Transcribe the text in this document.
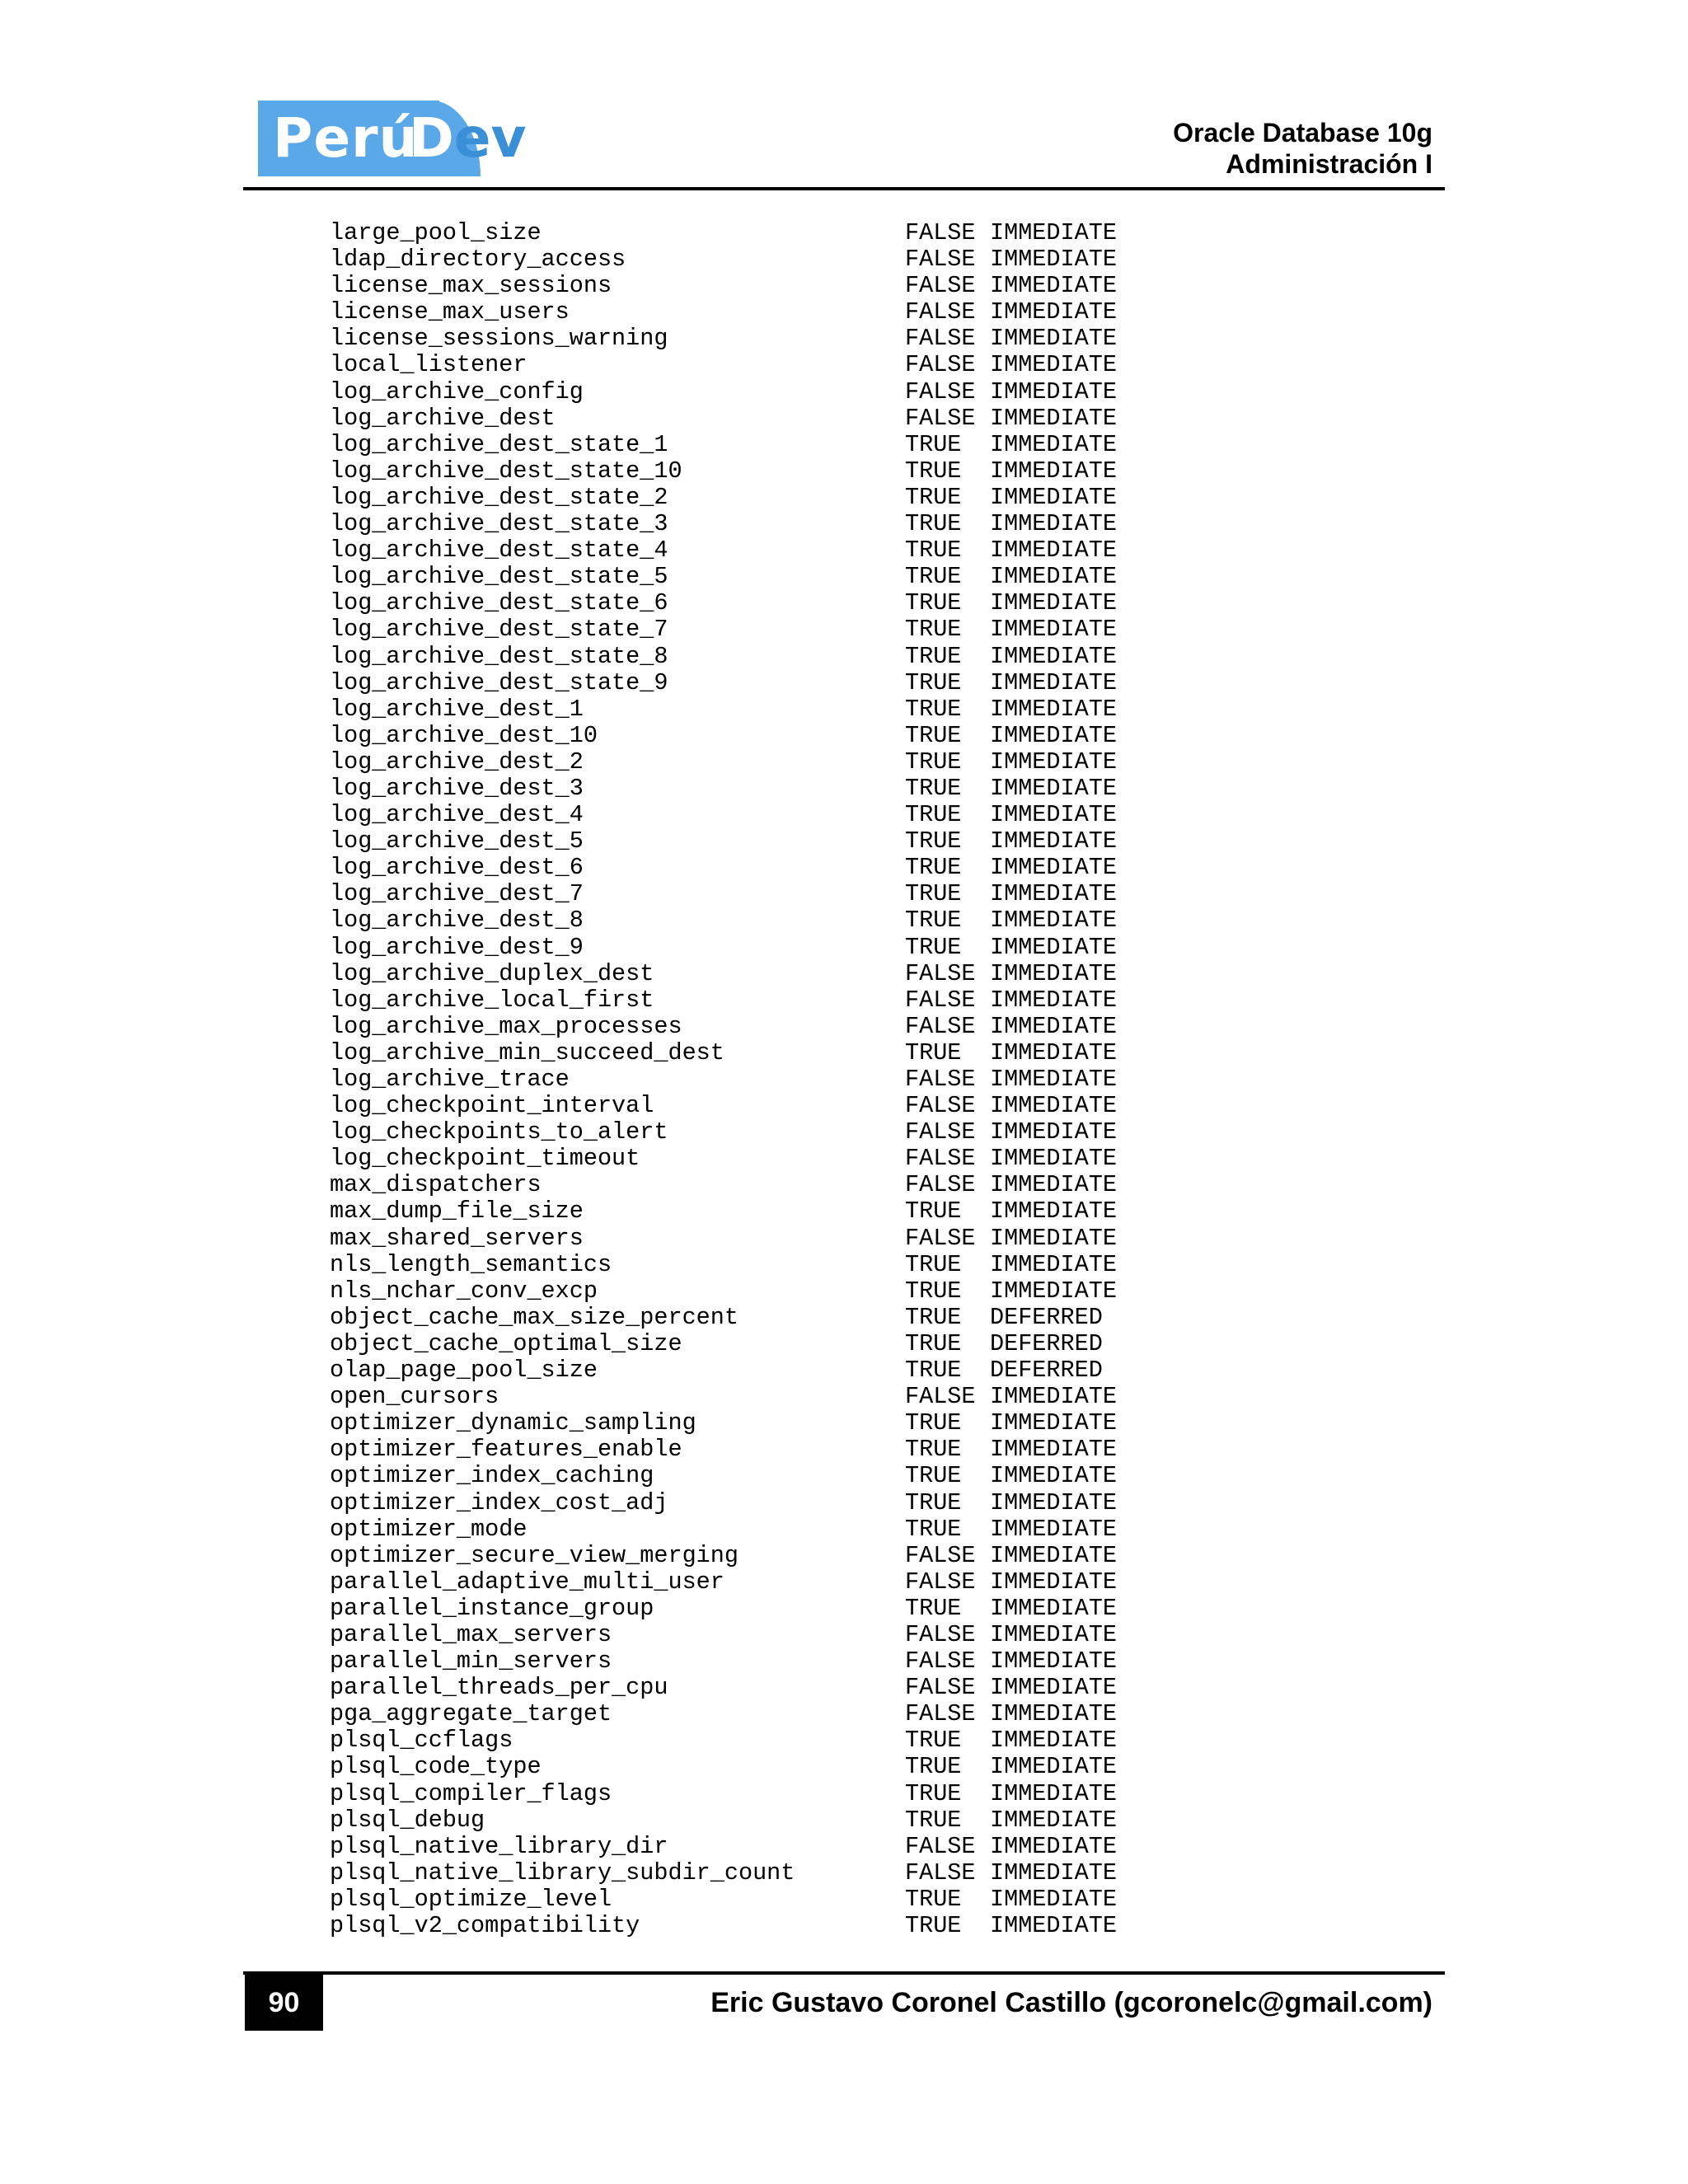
Perú
Dev	Oracle Database 10g
Administración I
large_pool_size	FALSE IMMEDIATE
ldap_directory_access	FALSE IMMEDIATE
license_max_sessions	FALSE IMMEDIATE
license_max_users	FALSE IMMEDIATE
license_sessions_warning	FALSE IMMEDIATE
local_listener	FALSE IMMEDIATE
log_archive_config	FALSE IMMEDIATE
log_archive_dest	FALSE IMMEDIATE
log_archive_dest_state_1	TRUE IMMEDIATE
log_archive_dest_state_10	TRUE IMMEDIATE
log_archive_dest_state_2	TRUE IMMEDIATE
log_archive_dest_state_3	TRUE IMMEDIATE
log_archive_dest_state_4	TRUE IMMEDIATE
log_archive_dest_state_5	TRUE IMMEDIATE
log_archive_dest_state_6	TRUE IMMEDIATE
log_archive_dest_state_7	TRUE IMMEDIATE
log_archive_dest_state_8	TRUE IMMEDIATE
log_archive_dest_state_9	TRUE IMMEDIATE
log_archive_dest_1	TRUE IMMEDIATE
log_archive_dest_10	TRUE IMMEDIATE
log_archive_dest_2	TRUE IMMEDIATE
log_archive_dest_3	TRUE IMMEDIATE
log_archive_dest_4	TRUE IMMEDIATE
log_archive_dest_5	TRUE IMMEDIATE
log_archive_dest_6	TRUE IMMEDIATE
log_archive_dest_7	TRUE IMMEDIATE
log_archive_dest_8	TRUE IMMEDIATE
log_archive_dest_9	TRUE IMMEDIATE
log_archive_duplex_dest	FALSE IMMEDIATE
log_archive_local_first	FALSE IMMEDIATE
log_archive_max_processes	FALSE IMMEDIATE
log_archive_min_succeed_dest	TRUE IMMEDIATE
log_archive_trace	FALSE IMMEDIATE
log_checkpoint_interval	FALSE IMMEDIATE
log_checkpoints_to_alert	FALSE IMMEDIATE
log_checkpoint_timeout	FALSE IMMEDIATE
max_dispatchers	FALSE IMMEDIATE
max_dump_file_size	TRUE IMMEDIATE
max_shared_servers	FALSE IMMEDIATE
nls_length_semantics	TRUE IMMEDIATE
nls_nchar_conv_excp	TRUE IMMEDIATE
object_cache_max_size_percent	TRUE DEFERRED
object_cache_optimal_size	TRUE DEFERRED
olap_page_pool_size	TRUE DEFERRED
open_cursors	FALSE IMMEDIATE
optimizer_dynamic_sampling	TRUE IMMEDIATE
optimizer_features_enable	TRUE IMMEDIATE
optimizer_index_caching	TRUE IMMEDIATE
optimizer_index_cost_adj	TRUE IMMEDIATE
optimizer_mode	TRUE IMMEDIATE
optimizer_secure_view_merging	FALSE IMMEDIATE
parallel_adaptive_multi_user	FALSE IMMEDIATE
parallel_instance_group	TRUE IMMEDIATE
parallel_max_servers	FALSE IMMEDIATE
parallel_min_servers	FALSE IMMEDIATE
parallel_threads_per_cpu	FALSE IMMEDIATE
pga_aggregate_target	FALSE IMMEDIATE
plsql_ccflags	TRUE IMMEDIATE
plsql_code_type	TRUE IMMEDIATE
plsql_compiler_flags	TRUE IMMEDIATE
plsql_debug	TRUE IMMEDIATE
plsql_native_library_dir	FALSE IMMEDIATE
plsql_native_library_subdir_count	FALSE IMMEDIATE
plsql_optimize_level	TRUE IMMEDIATE
plsql_v2_compatibility	TRUE IMMEDIATE
90	Eric Gustavo Coronel Castillo (gcoronelc@gmail.com)
